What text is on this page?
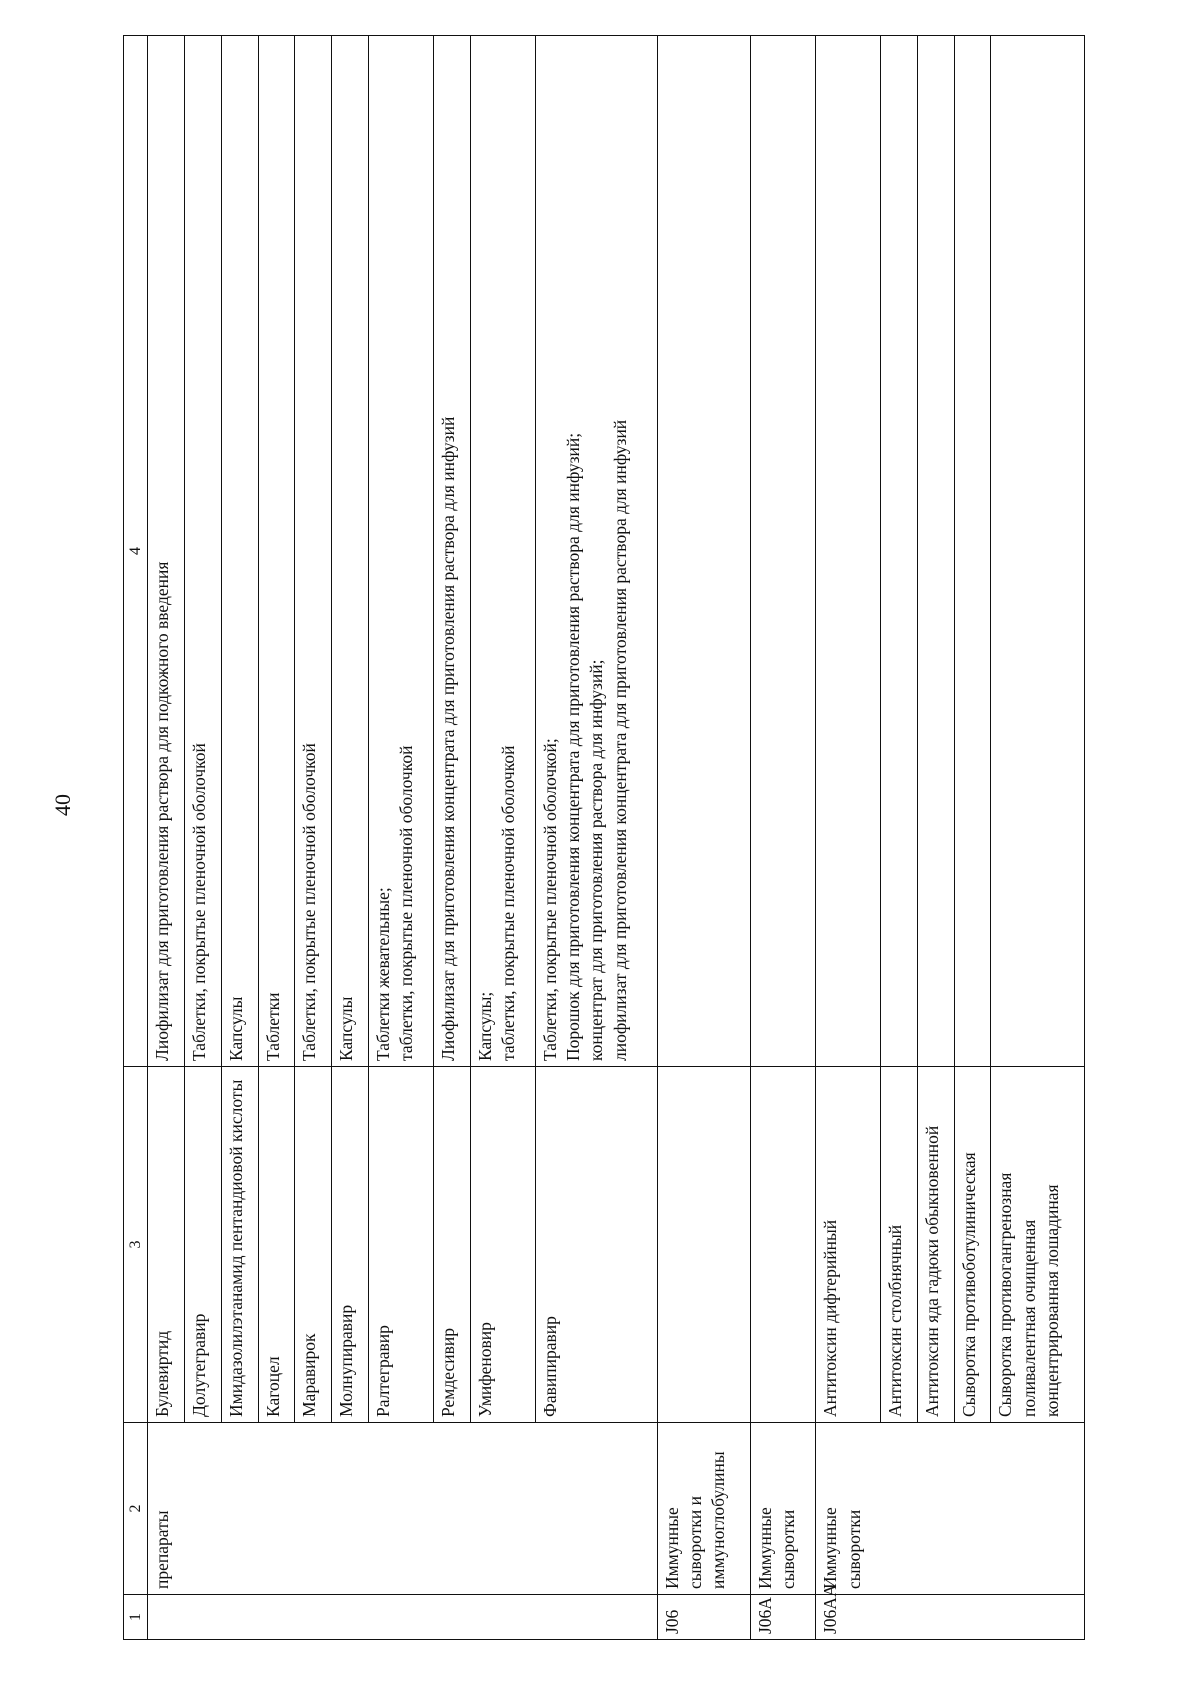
40
1	2	3	4
	препараты	Булевиртид	Лиофилизат для приготовления раствора для подкожного введения
		Долутегравир	Таблетки, покрытые пленочной оболочкой
		Имидазолилэтанамид пентандиовой кислоты	Капсулы
		Кагоцел	Таблетки
		Маравирок	Таблетки, покрытые пленочной оболочкой
		Молнупиравир	Капсулы
		Ралтегравир	Таблетки жевательные;
таблетки, покрытые пленочной оболочкой
		Ремдесивир	Лиофилизат для приготовления концентрата для приготовления раствора для инфузий
		Умифеновир	Капсулы;
таблетки, покрытые пленочной оболочкой
		Фавипиравир	Таблетки, покрытые пленочной оболочкой;
Порошок для приготовления концентрата для приготовления раствора для инфузий;
концентрат для приготовления раствора для инфузий;
лиофилизат для приготовления концентрата для приготовления раствора для инфузий
J06	Иммунные сыворотки и иммуноглобулины		
J06A	Иммунные сыворотки		
J06AA	Иммунные сыворотки	Антитоксин дифтерийный	
		Антитоксин столбнячный	
		Антитоксин яда гадюки обыкновенной	
		Сыворотка противоботулиническая	
		Сыворотка противогангренозная поливалентная очищенная концентрированная лошадиная	
